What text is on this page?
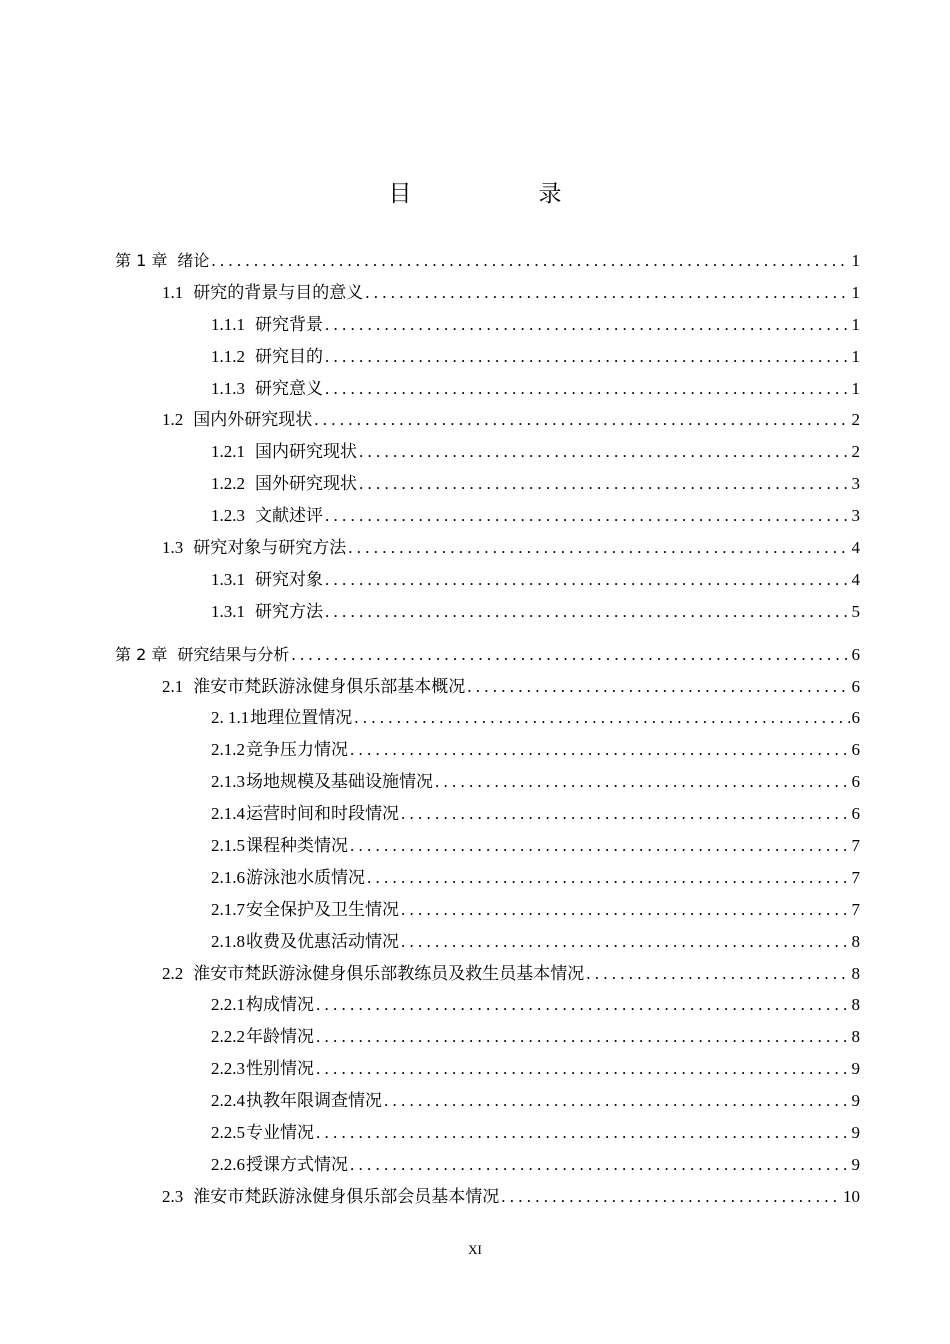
目　录
第 1 章 绪论 . . .	1
1.1 研究的背景与目的意义 . . .	1
1.1.1 研究背景 . . .	1
1.1.2 研究目的 . . .	1
1.1.3 研究意义 . . .	1
1.2 国内外研究现状 . . .	2
1.2.1 国内研究现状 . . .	2
1.2.2 国外研究现状 . . .	3
1.2.3 文献述评 . . .	3
1.3 研究对象与研究方法 . . .	4
1.3.1 研究对象 . . .	4
1.3.1 研究方法 . . .	5
第 2 章 研究结果与分析 . . .	6
2.1 淮安市梵跃游泳健身俱乐部基本概况 . . .	6
2. 1.1地理位置情况 . . .	6
2.1.2竞争压力情况 . . .	6
2.1.3场地规模及基础设施情况 . . .	6
2.1.4运营时间和时段情况 . . .	6
2.1.5课程种类情况 . . .	7
2.1.6游泳池水质情况 . . .	7
2.1.7安全保护及卫生情况 . . .	7
2.1.8收费及优惠活动情况 . . .	8
2.2 淮安市梵跃游泳健身俱乐部教练员及救生员基本情况 . . .	8
2.2.1构成情况 . . .	8
2.2.2年龄情况 . . .	8
2.2.3性别情况 . . .	9
2.2.4执教年限调查情况 . . .	9
2.2.5专业情况 . . .	9
2.2.6授课方式情况 . . .	9
2.3 淮安市梵跃游泳健身俱乐部会员基本情况 . . .	10
XI
